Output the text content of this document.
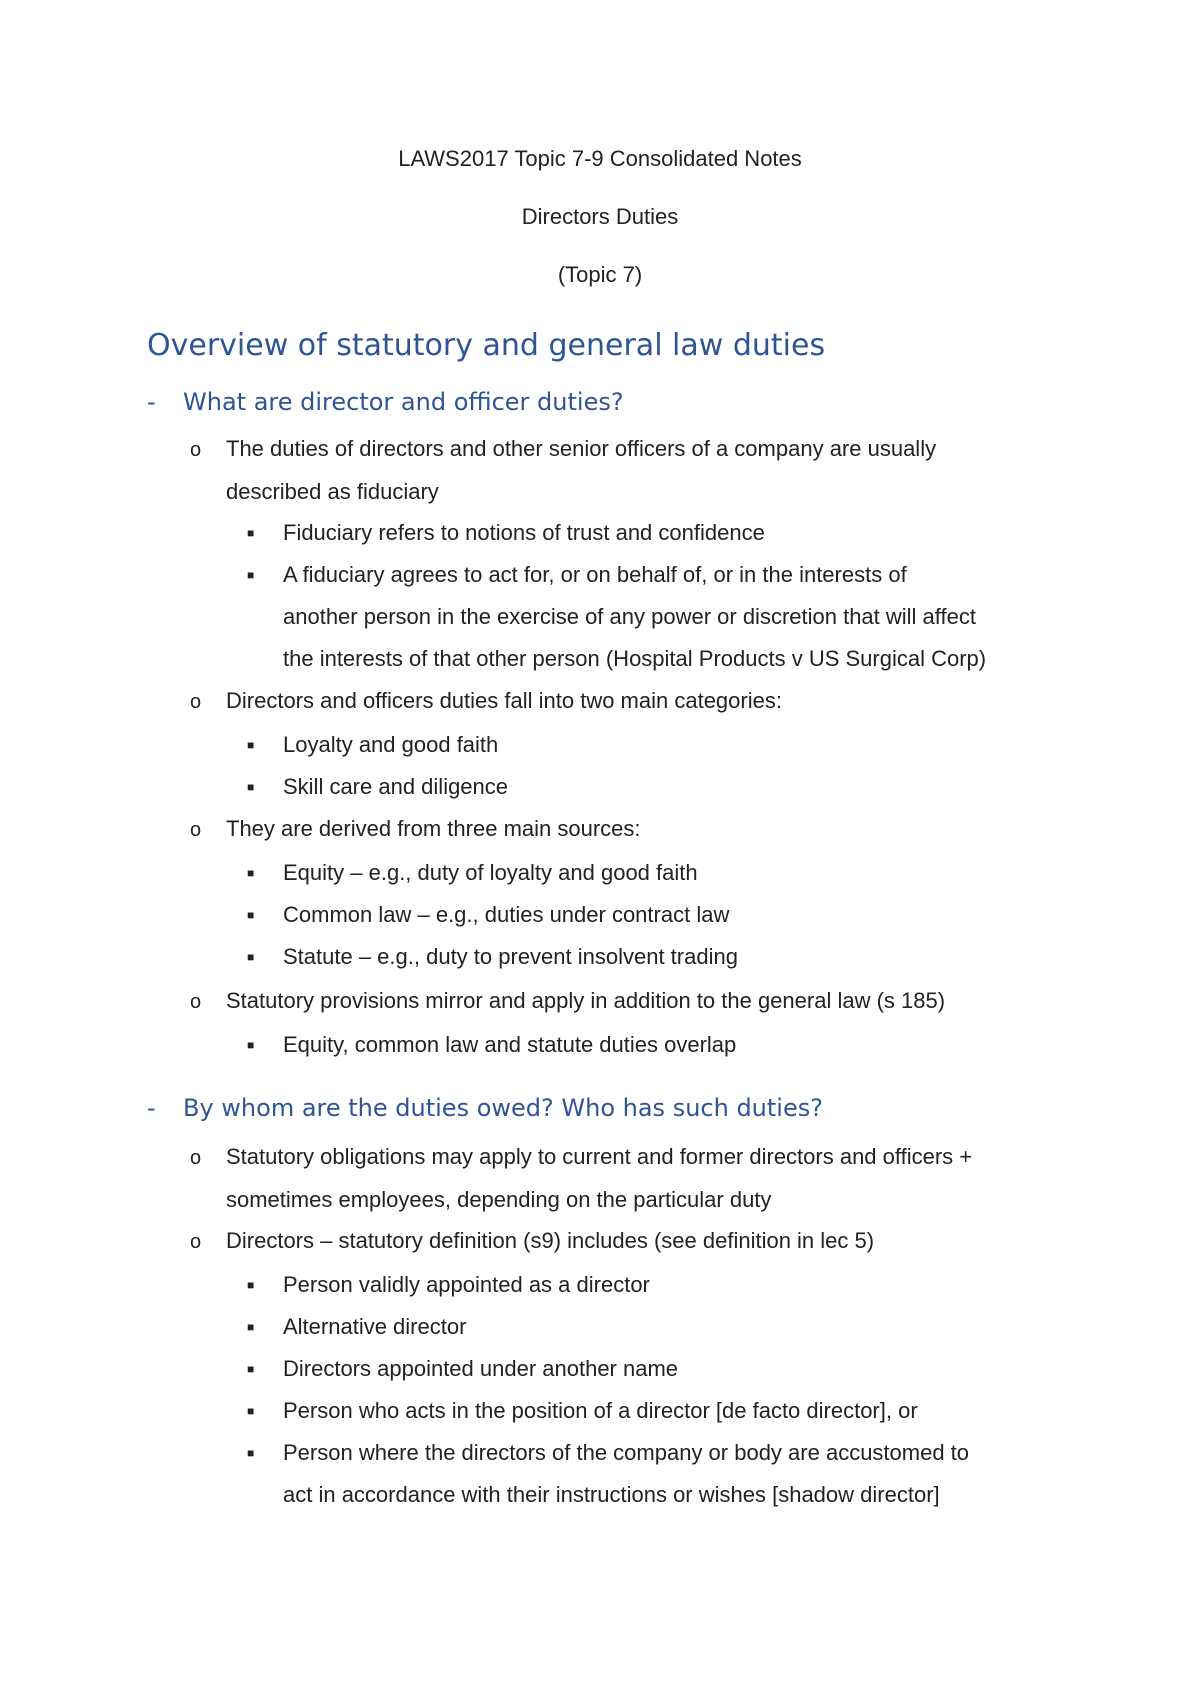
LAWS2017 Topic 7-9 Consolidated Notes
Directors Duties
(Topic 7)
Overview of statutory and general law duties
- What are director and officer duties?
o The duties of directors and other senior officers of a company are usually
described as fiduciary
■ Fiduciary refers to notions of trust and confidence
■ A fiduciary agrees to act for, or on behalf of, or in the interests of
another person in the exercise of any power or discretion that will affect
the interests of that other person (Hospital Products v US Surgical Corp)
o Directors and officers duties fall into two main categories:
■ Loyalty and good faith
■ Skill care and diligence
o They are derived from three main sources:
■ Equity – e.g., duty of loyalty and good faith
■ Common law – e.g., duties under contract law
■ Statute – e.g., duty to prevent insolvent trading
o Statutory provisions mirror and apply in addition to the general law (s 185)
■ Equity, common law and statute duties overlap
- By whom are the duties owed? Who has such duties?
o Statutory obligations may apply to current and former directors and officers +
sometimes employees, depending on the particular duty
o Directors – statutory definition (s9) includes (see definition in lec 5)
■ Person validly appointed as a director
■ Alternative director
■ Directors appointed under another name
■ Person who acts in the position of a director [de facto director], or
■ Person where the directors of the company or body are accustomed to
act in accordance with their instructions or wishes [shadow director]
